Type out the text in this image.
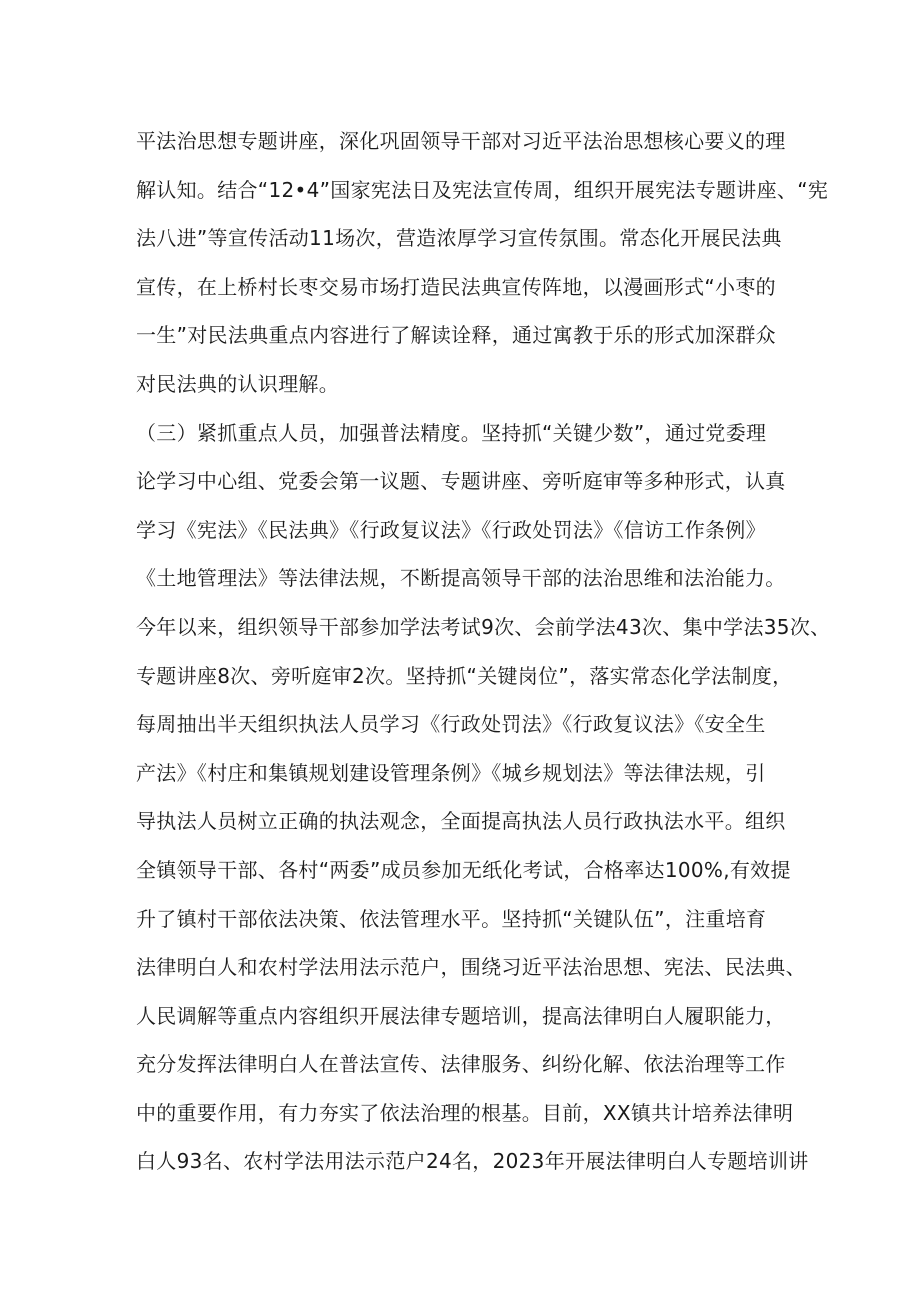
平法治思想专题讲座，深化巩固领导干部对习近平法治思想核心要义的理

解认知。结合“12•4”国家宪法日及宪法宣传周，组织开展宪法专题讲座、“宪

法八进”等宣传活动11场次，营造浓厚学习宣传氛围。常态化开展民法典

宣传，在上桥村长枣交易市场打造民法典宣传阵地，以漫画形式“小枣的

一生”对民法典重点内容进行了解读诠释，通过寓教于乐的形式加深群众

对民法典的认识理解。

（三）紧抓重点人员，加强普法精度。坚持抓“关键少数”，通过党委理

论学习中心组、党委会第一议题、专题讲座、旁听庭审等多种形式，认真

学习《宪法》《民法典》《行政复议法》《行政处罚法》《信访工作条例》

《土地管理法》等法律法规，不断提高领导干部的法治思维和法治能力。

今年以来，组织领导干部参加学法考试9次、会前学法43次、集中学法35次、

专题讲座8次、旁听庭审2次。坚持抓“关键岗位”，落实常态化学法制度，

每周抽出半天组织执法人员学习《行政处罚法》《行政复议法》《安全生

产法》《村庄和集镇规划建设管理条例》《城乡规划法》等法律法规，引

导执法人员树立正确的执法观念，全面提高执法人员行政执法水平。组织

全镇领导干部、各村“两委”成员参加无纸化考试，合格率达100%,有效提

升了镇村干部依法决策、依法管理水平。坚持抓“关键队伍”，注重培育

法律明白人和农村学法用法示范户，围绕习近平法治思想、宪法、民法典、

人民调解等重点内容组织开展法律专题培训，提高法律明白人履职能力，

充分发挥法律明白人在普法宣传、法律服务、纠纷化解、依法治理等工作

中的重要作用，有力夯实了依法治理的根基。目前，XX镇共计培养法律明

白人93名、农村学法用法示范户24名，2023年开展法律明白人专题培训讲
